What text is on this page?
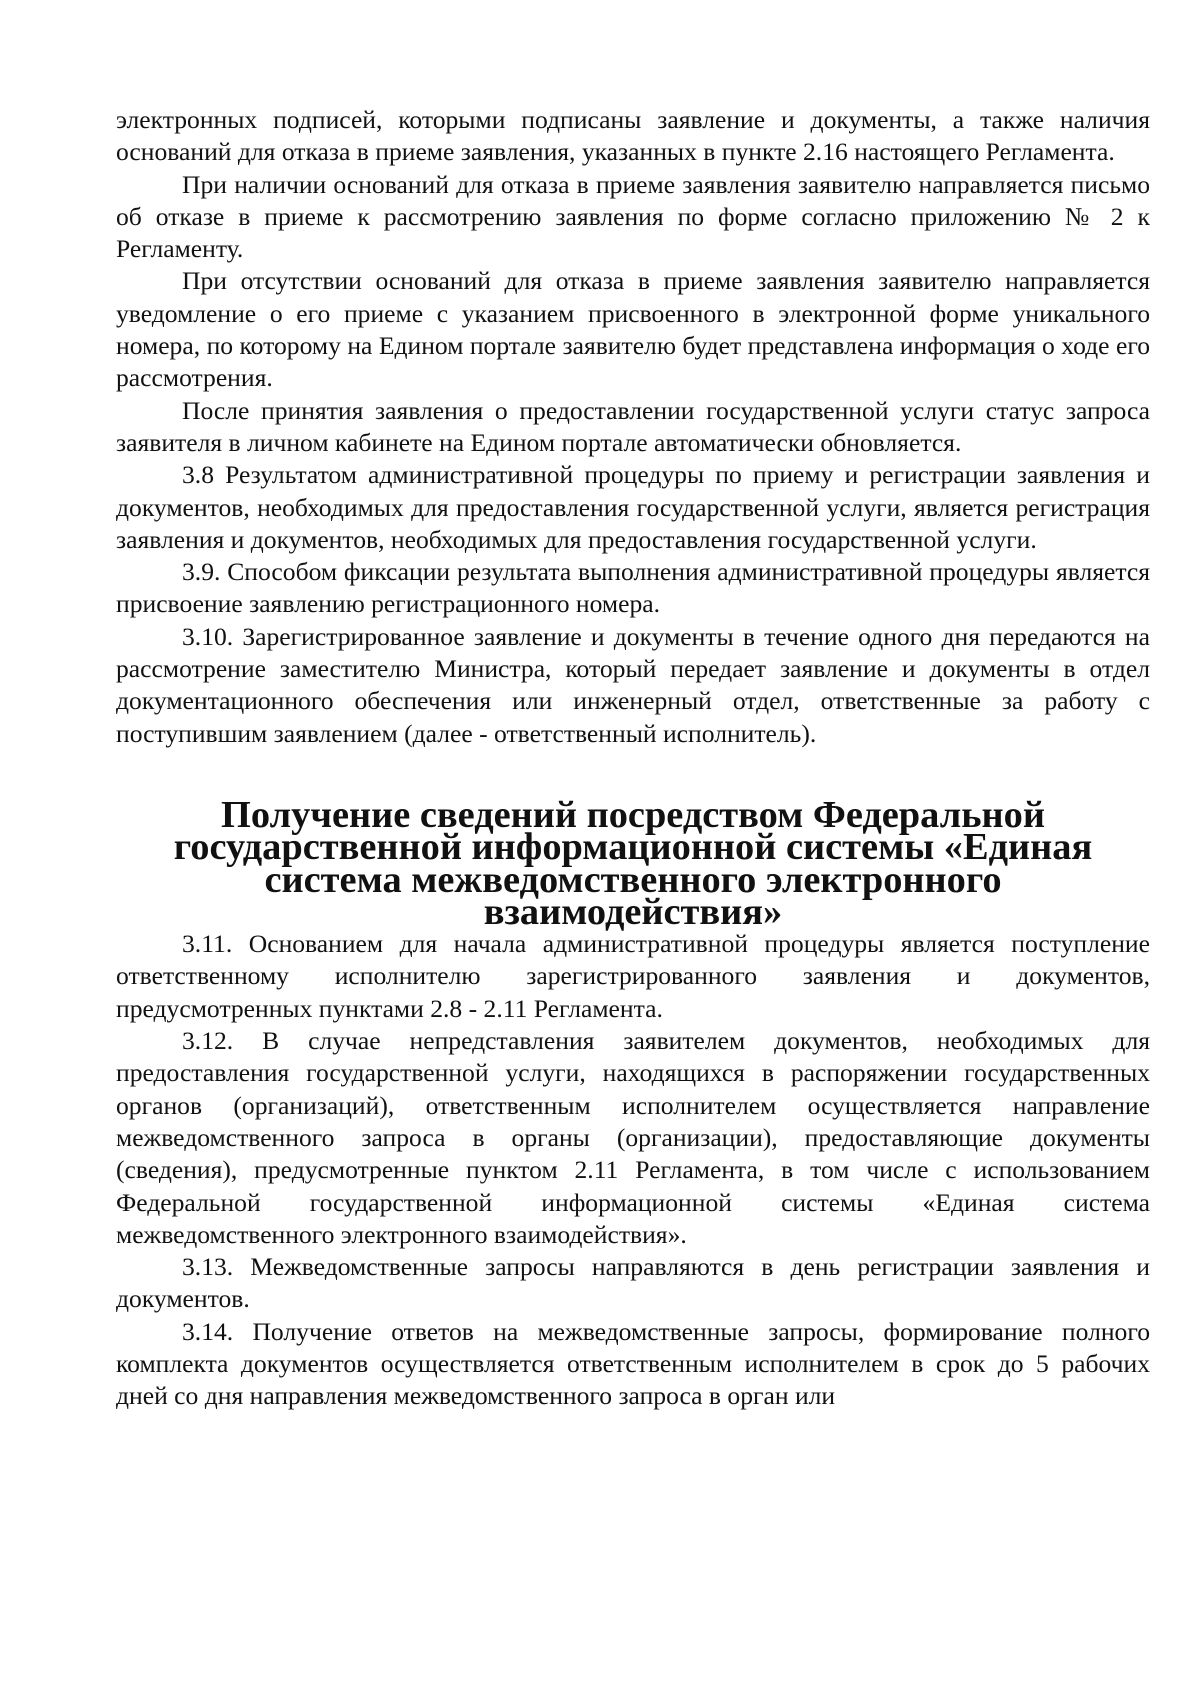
электронных подписей, которыми подписаны заявление и документы, а также наличия оснований для отказа в приеме заявления, указанных в пункте 2.16 настоящего Регламента.

При наличии оснований для отказа в приеме заявления заявителю направляется письмо об отказе в приеме к рассмотрению заявления по форме согласно приложению № 2 к Регламенту.

При отсутствии оснований для отказа в приеме заявления заявителю направляется уведомление о его приеме с указанием присвоенного в электронной форме уникального номера, по которому на Едином портале заявителю будет представлена информация о ходе его рассмотрения.

После принятия заявления о предоставлении государственной услуги статус запроса заявителя в личном кабинете на Едином портале автоматически обновляется.

3.8 Результатом административной процедуры по приему и регистрации заявления и документов, необходимых для предоставления государственной услуги, является регистрация заявления и документов, необходимых для предоставления государственной услуги.

3.9. Способом фиксации результата выполнения административной процедуры является присвоение заявлению регистрационного номера.

3.10. Зарегистрированное заявление и документы в течение одного дня передаются на рассмотрение заместителю Министра, который передает заявление и документы в отдел документационного обеспечения или инженерный отдел, ответственные за работу с поступившим заявлением (далее - ответственный исполнитель).

Получение сведений посредством Федеральной государственной информационной системы «Единая система межведомственного электронного взаимодействия»

3.11. Основанием для начала административной процедуры является поступление ответственному исполнителю зарегистрированного заявления и документов, предусмотренных пунктами 2.8 - 2.11 Регламента.

3.12. В случае непредставления заявителем документов, необходимых для предоставления государственной услуги, находящихся в распоряжении государственных органов (организаций), ответственным исполнителем осуществляется направление межведомственного запроса в органы (организации), предоставляющие документы (сведения), предусмотренные пунктом 2.11 Регламента, в том числе с использованием Федеральной государственной информационной системы «Единая система межведомственного электронного взаимодействия».

3.13. Межведомственные запросы направляются в день регистрации заявления и документов.

3.14. Получение ответов на межведомственные запросы, формирование полного комплекта документов осуществляется ответственным исполнителем в срок до 5 рабочих дней со дня направления межведомственного запроса в орган или
